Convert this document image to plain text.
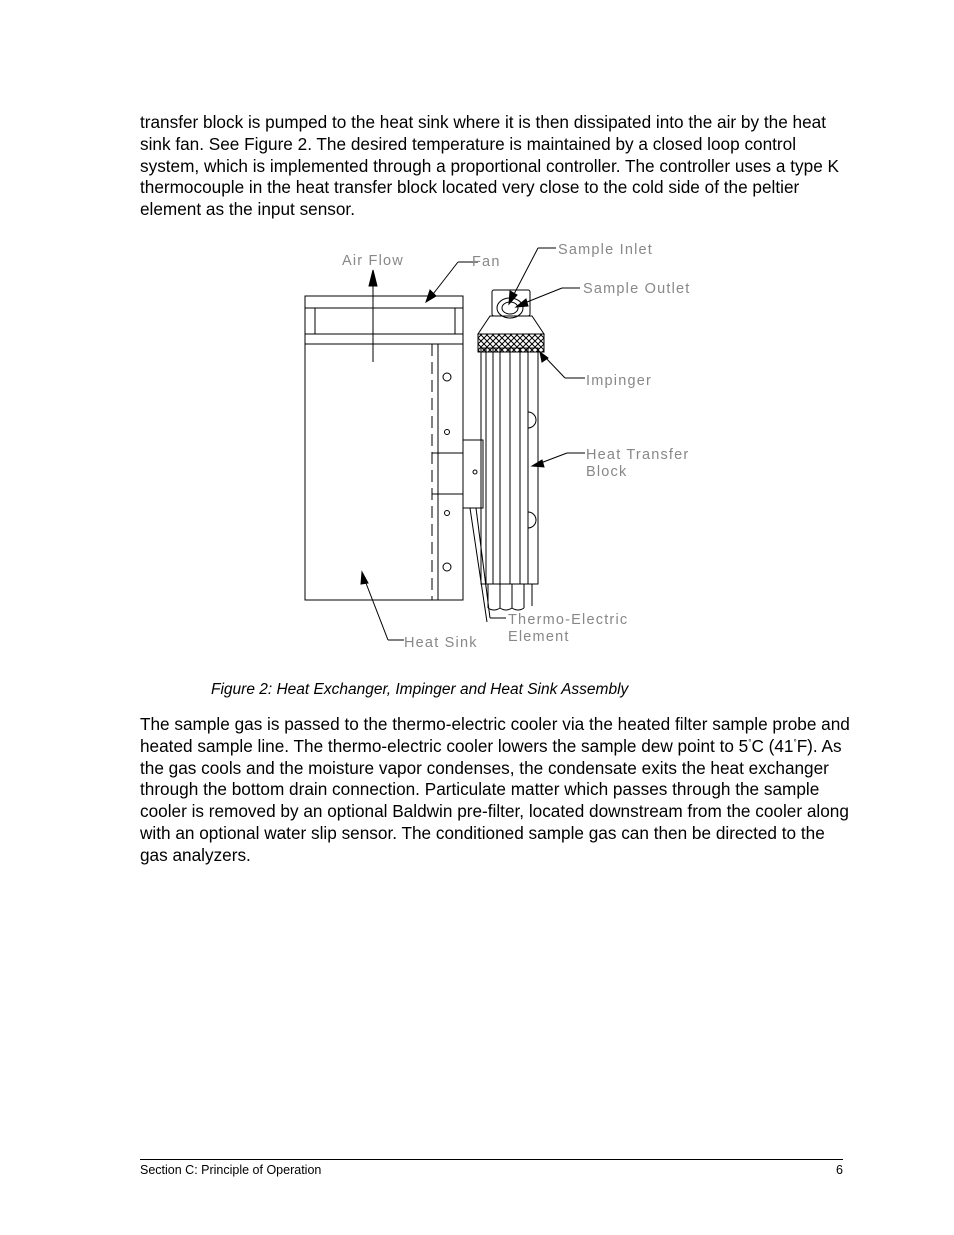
transfer block is pumped to the heat sink where it is then dissipated into the air by the heat sink fan. See Figure 2. The desired temperature is maintained by a closed loop control system, which is implemented through a proportional controller. The controller uses a type K thermocouple in the heat transfer block located very close to the cold side of the peltier element as the input sensor.

Air Flow	Fan
Sample Inlet
Sample Outlet
Impinger
Heat Transfer
Block
Thermo-Electric
Element
Heat Sink

Figure 2: Heat Exchanger, Impinger and Heat Sink Assembly

The sample gas is passed to the thermo-electric cooler via the heated filter sample probe and heated sample line. The thermo-electric cooler lowers the sample dew point to 5°C (41°F). As the gas cools and the moisture vapor condenses, the condensate exits the heat exchanger through the bottom drain connection. Particulate matter which passes through the sample cooler is removed by an optional Baldwin pre-filter, located downstream from the cooler along with an optional water slip sensor. The conditioned sample gas can then be directed to the gas analyzers.

Section C: Principle of Operation	6
